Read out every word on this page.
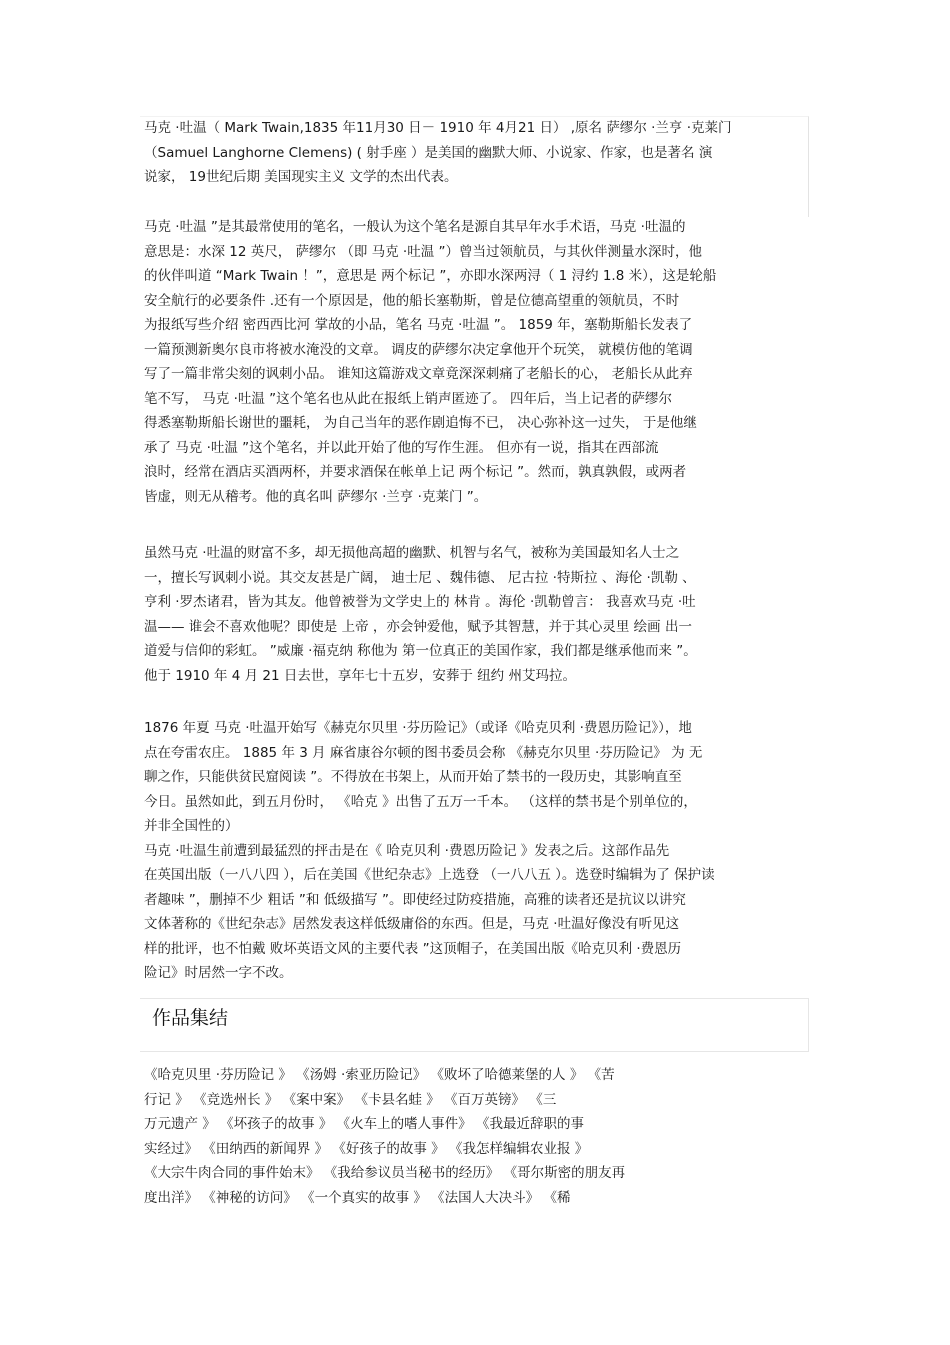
马克 ·吐温（ Mark Twain,1835 年11月30 日－ 1910 年 4月21 日） ,原名 萨缪尔 ·兰亨 ·克莱门
（Samuel Langhorne Clemens) ( 射手座 ）是美国的幽默大师、小说家、作家，也是著名 演
说家， 19世纪后期 美国现实主义 文学的杰出代表。
马克 ·吐温 ”是其最常使用的笔名，一般认为这个笔名是源自其早年水手术语，马克 ·吐温的
意思是：水深 12 英尺， 萨缪尔 （即 马克 ·吐温 ”）曾当过领航员，与其伙伴测量水深时，他
的伙伴叫道 “Mark Twain ！”，意思是 两个标记 ”，亦即水深两浔（ 1 浔约 1.8 米），这是轮船
安全航行的必要条件 .还有一个原因是，他的船长塞勒斯，曾是位德高望重的领航员，不时
为报纸写些介绍 密西西比河 掌故的小品，笔名 马克 ·吐温 ”。 1859 年，塞勒斯船长发表了
一篇预测新奥尔良市将被水淹没的文章。 调皮的萨缪尔决定拿他开个玩笑， 就模仿他的笔调
写了一篇非常尖刻的讽刺小品。 谁知这篇游戏文章竟深深刺痛了老船长的心， 老船长从此弃
笔不写， 马克 ·吐温 ”这个笔名也从此在报纸上销声匿迹了。 四年后，当上记者的萨缪尔
得悉塞勒斯船长谢世的噩耗， 为自己当年的恶作剧追悔不已， 决心弥补这一过失， 于是他继
承了 马克 ·吐温 ”这个笔名，并以此开始了他的写作生涯。 但亦有一说，指其在西部流
浪时，经常在酒店买酒两杯，并要求酒保在帐单上记 两个标记 ”。然而，孰真孰假，或两者
皆虚，则无从稽考。他的真名叫 萨缪尔 ·兰亨 ·克莱门 ”。
虽然马克 ·吐温的财富不多，却无损他高超的幽默、机智与名气，被称为美国最知名人士之
一，擅长写讽刺小说。其交友甚是广阔， 迪士尼 、魏伟德、 尼古拉 ·特斯拉 、海伦 ·凯勒 、
亨利 ·罗杰诸君，皆为其友。他曾被誉为文学史上的 林肯 。海伦 ·凯勒曾言： 我喜欢马克 ·吐
温—— 谁会不喜欢他呢？即使是 上帝 ，亦会钟爱他，赋予其智慧，并于其心灵里 绘画 出一
道爱与信仰的彩虹。 ”威廉 ·福克纳 称他为 第一位真正的美国作家，我们都是继承他而来 ”。
他于 1910 年 4 月 21 日去世，享年七十五岁，安葬于 纽约 州艾玛拉。
1876 年夏 马克 ·吐温开始写《赫克尔贝里 ·芬历险记》（或译《哈克贝利 ·费恩历险记》），地
点在夸雷农庄。 1885 年 3 月 麻省康谷尔顿的图书委员会称 《赫克尔贝里 ·芬历险记》 为 无
聊之作，只能供贫民窟阅读 ”。不得放在书架上，从而开始了禁书的一段历史，其影响直至
今日。虽然如此，到五月份时， 《哈克 》出售了五万一千本。 （这样的禁书是个别单位的，
并非全国性的）
马克 ·吐温生前遭到最猛烈的抨击是在《 哈克贝利 ·费恩历险记 》发表之后。这部作品先
在英国出版（一八八四 ），后在美国《世纪杂志》上选登 （一八八五 ）。选登时编辑为了 保护读
者趣味 ”，删掉不少 粗话 ”和 低级描写 ”。即使经过防疫措施，高雅的读者还是抗议以讲究
文体著称的《世纪杂志》居然发表这样低级庸俗的东西。但是，马克 ·吐温好像没有听见这
样的批评，也不怕戴 败坏英语文风的主要代表 ”这顶帽子，在美国出版《哈克贝利 ·费恩历
险记》时居然一字不改。
作品集结
《哈克贝里 ·芬历险记 》 《汤姆 ·索亚历险记》 《败坏了哈德莱堡的人 》 《苦
行记 》 《竞选州长 》 《案中案》 《卡县名蛙 》 《百万英镑》 《三
万元遗产 》 《坏孩子的故事 》 《火车上的嗜人事件》 《我最近辞职的事
实经过》 《田纳西的新闻界 》 《好孩子的故事 》 《我怎样编辑农业报 》
《大宗牛肉合同的事件始末》 《我给参议员当秘书的经历》 《哥尔斯密的朋友再
度出洋》 《神秘的访问》 《一个真实的故事 》 《法国人大决斗》 《稀
